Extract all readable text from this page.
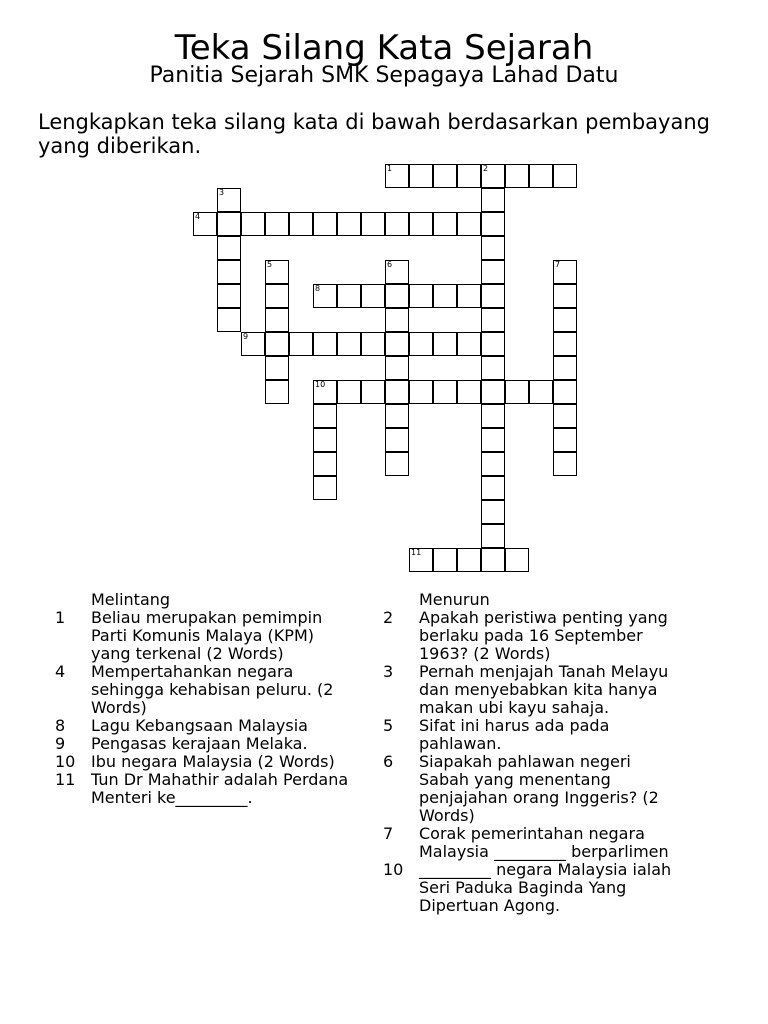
Teka Silang Kata Sejarah
Panitia Sejarah SMK Sepagaya Lahad Datu
Lengkapkan teka silang kata di bawah berdasarkan pembayang yang diberikan.
1	2
3
4
5	6	7
8
9
10
11
Melintang
1	Beliau merupakan pemimpin Parti Komunis Malaya (KPM) yang terkenal (2 Words)
4	Mempertahankan negara sehingga kehabisan peluru. (2 Words)
8	Lagu Kebangsaan Malaysia
9	Pengasas kerajaan Melaka.
10 Ibu negara Malaysia (2 Words)
11 Tun Dr Mahathir adalah Perdana Menteri ke_________.
Menurun
2	Apakah peristiwa penting yang berlaku pada 16 September 1963? (2 Words)
3	Pernah menjajah Tanah Melayu dan menyebabkan kita hanya makan ubi kayu sahaja.
5	Sifat ini harus ada pada pahlawan.
6	Siapakah pahlawan negeri Sabah yang menentang penjajahan orang Inggeris? (2 Words)
7	Corak pemerintahan negara Malaysia _________ berparlimen
10 _________ negara Malaysia ialah Seri Paduka Baginda Yang Dipertuan Agong.
